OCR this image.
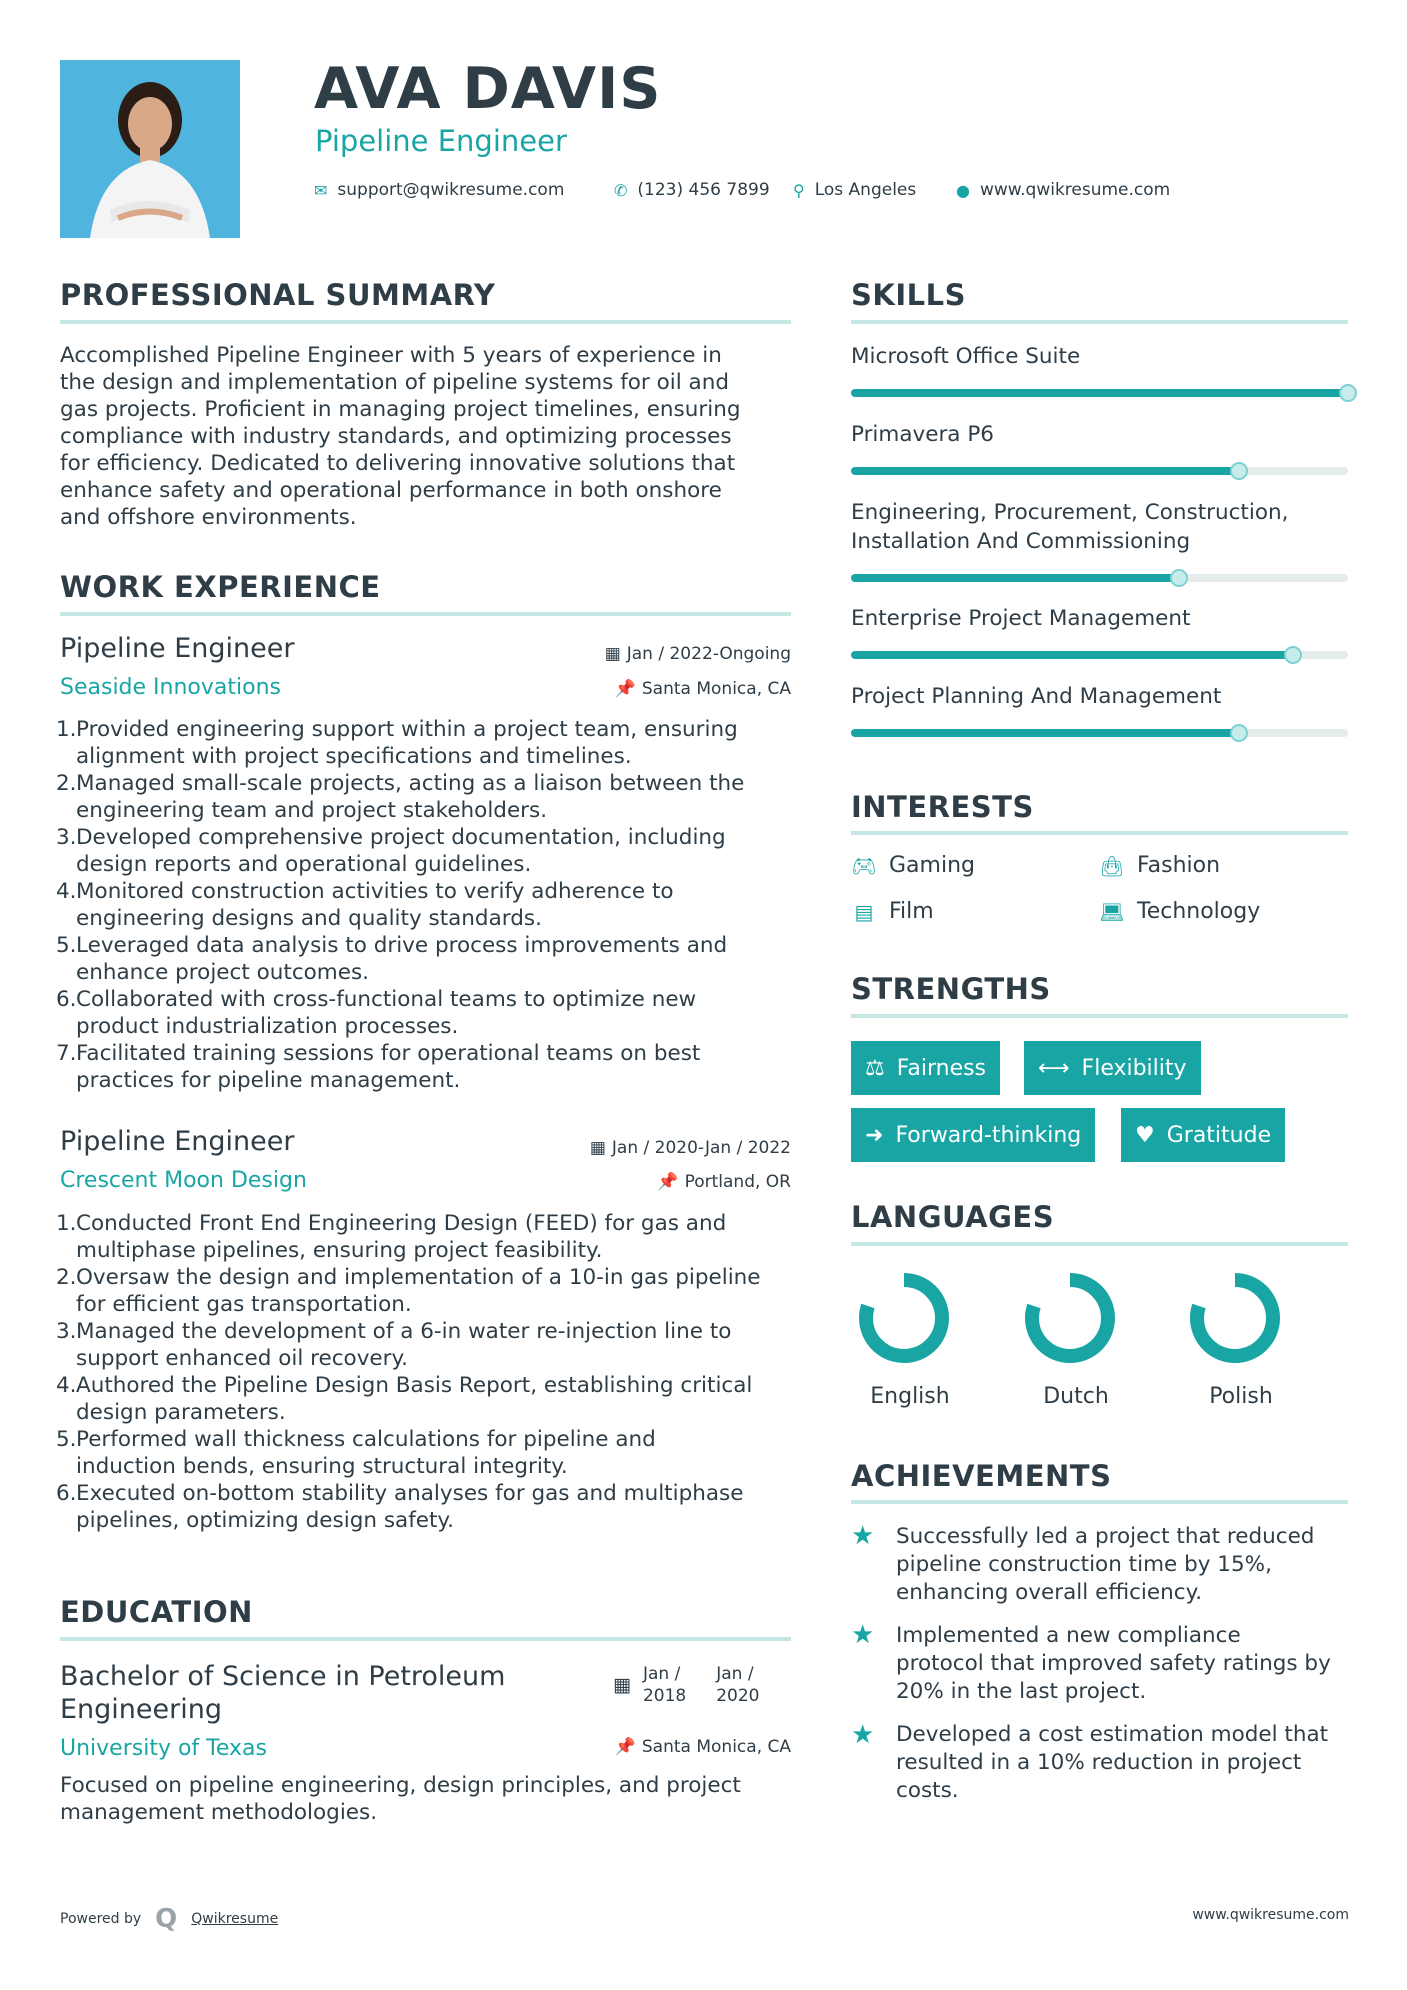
AVA DAVIS
Pipeline Engineer
✉ support@qwikresume.com	✆ (123) 456 7899 ⚲ Los Angeles ● www.qwikresume.com
PROFESSIONAL SUMMARY
Accomplished Pipeline Engineer with 5 years of experience in
the design and implementation of pipeline systems for oil and
gas projects. Proficient in managing project timelines, ensuring
compliance with industry standards, and optimizing processes
for efficiency. Dedicated to delivering innovative solutions that
enhance safety and operational performance in both onshore
and offshore environments.
WORK EXPERIENCE
Pipeline Engineer	▦ Jan / 2022-Ongoing
Seaside Innovations	📌 Santa Monica, CA
1. Provided engineering support within a project team, ensuring
alignment with project specifications and timelines.
2. Managed small-scale projects, acting as a liaison between the
engineering team and project stakeholders.
3. Developed comprehensive project documentation, including
design reports and operational guidelines.
4. Monitored construction activities to verify adherence to
engineering designs and quality standards.
5. Leveraged data analysis to drive process improvements and
enhance project outcomes.
6. Collaborated with cross-functional teams to optimize new
product industrialization processes.
7. Facilitated training sessions for operational teams on best
practices for pipeline management.
Pipeline Engineer	▦ Jan / 2020-Jan / 2022
Crescent Moon Design	📌 Portland, OR
1. Conducted Front End Engineering Design (FEED) for gas and
multiphase pipelines, ensuring project feasibility.
2. Oversaw the design and implementation of a 10-in gas pipeline
for efficient gas transportation.
3. Managed the development of a 6-in water re-injection line to
support enhanced oil recovery.
4. Authored the Pipeline Design Basis Report, establishing critical
design parameters.
5. Performed wall thickness calculations for pipeline and
induction bends, ensuring structural integrity.
6. Executed on-bottom stability analyses for gas and multiphase
pipelines, optimizing design safety.
EDUCATION
Bachelor of Science in Petroleum
Engineering
▦ Jan /
2018
Jan /
2020
University of Texas	📌 Santa Monica, CA
Focused on pipeline engineering, design principles, and project
management methodologies.
SKILLS
Microsoft Office Suite
Primavera P6
Engineering, Procurement, Construction,
Installation And Commissioning
Enterprise Project Management
Project Planning And Management
INTERESTS
🎮︎ Gaming	👜︎ Fashion
▤ Film	💻︎ Technology
STRENGTHS
⚖ Fairness ⟷ Flexibility
➜ Forward-thinking ♥ Gratitude
LANGUAGES
English	Dutch	Polish
ACHIEVEMENTS
★ Successfully led a project that reduced
pipeline construction time by 15%,
enhancing overall efficiency.
★ Implemented a new compliance
protocol that improved safety ratings by
20% in the last project.
★ Developed a cost estimation model that
resulted in a 10% reduction in project
costs.
Powered by Q Qwikresume	www.qwikresume.com
